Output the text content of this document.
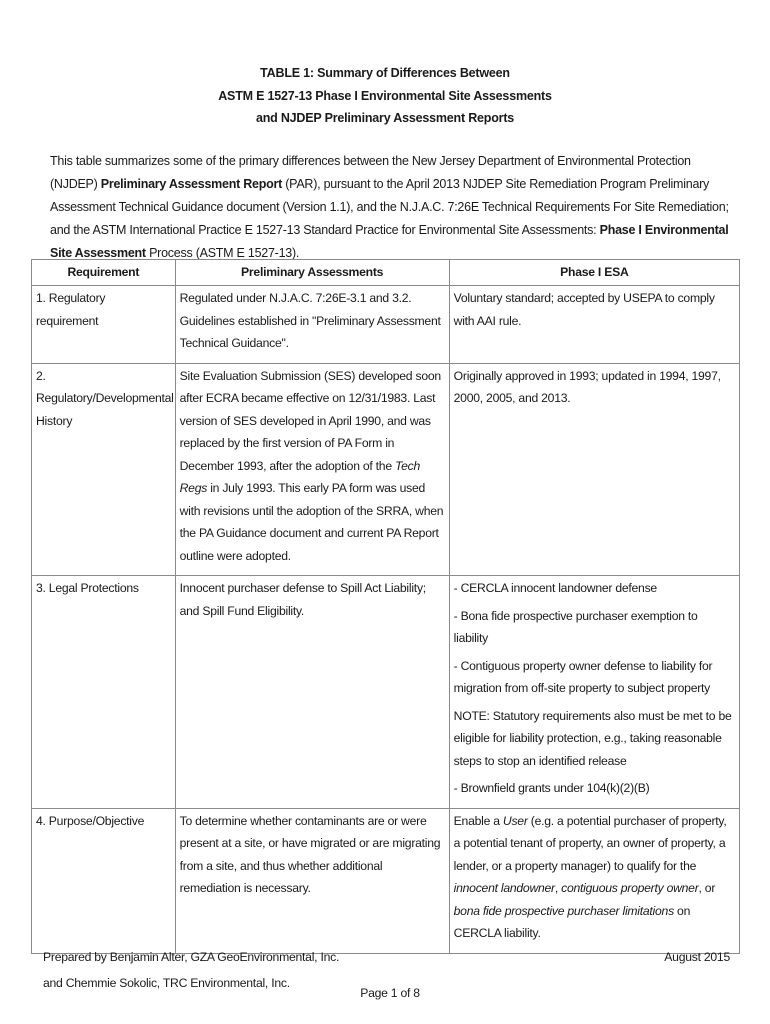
TABLE 1: Summary of Differences Between
ASTM E 1527-13 Phase I Environmental Site Assessments
and NJDEP Preliminary Assessment Reports
This table summarizes some of the primary differences between the New Jersey Department of Environmental Protection (NJDEP) Preliminary Assessment Report (PAR), pursuant to the April 2013 NJDEP Site Remediation Program Preliminary Assessment Technical Guidance document (Version 1.1), and the N.J.A.C. 7:26E Technical Requirements For Site Remediation; and the ASTM International Practice E 1527-13 Standard Practice for Environmental Site Assessments: Phase I Environmental Site Assessment Process (ASTM E 1527-13).
Requirement	Preliminary Assessments	Phase I ESA
1. Regulatory requirement	Regulated under N.J.A.C. 7:26E-3.1 and 3.2. Guidelines established in "Preliminary Assessment Technical Guidance".	Voluntary standard; accepted by USEPA to comply with AAI rule.
2. Regulatory/Developmental History	Site Evaluation Submission (SES) developed soon after ECRA became effective on 12/31/1983. Last version of SES developed in April 1990, and was replaced by the first version of PA Form in December 1993, after the adoption of the Tech Regs in July 1993. This early PA form was used with revisions until the adoption of the SRRA, when the PA Guidance document and current PA Report outline were adopted.	Originally approved in 1993; updated in 1994, 1997, 2000, 2005, and 2013.
3. Legal Protections	Innocent purchaser defense to Spill Act Liability; and Spill Fund Eligibility.	- CERCLA innocent landowner defense

- Bona fide prospective purchaser exemption to liability

- Contiguous property owner defense to liability for migration from off-site property to subject property

NOTE: Statutory requirements also must be met to be eligible for liability protection, e.g., taking reasonable steps to stop an identified release

- Brownfield grants under 104(k)(2)(B)

4. Purpose/Objective	To determine whether contaminants are or were present at a site, or have migrated or are migrating from a site, and thus whether additional remediation is necessary.	Enable a User (e.g. a potential purchaser of property, a potential tenant of property, an owner of property, a lender, or a property manager) to qualify for the innocent landowner, contiguous property owner, or bona fide prospective purchaser limitations on CERCLA liability.
Prepared by Benjamin Alter, GZA GeoEnvironmental, Inc.
and Chemmie Sokolic, TRC Environmental, Inc.
August 2015
Page 1 of 8
